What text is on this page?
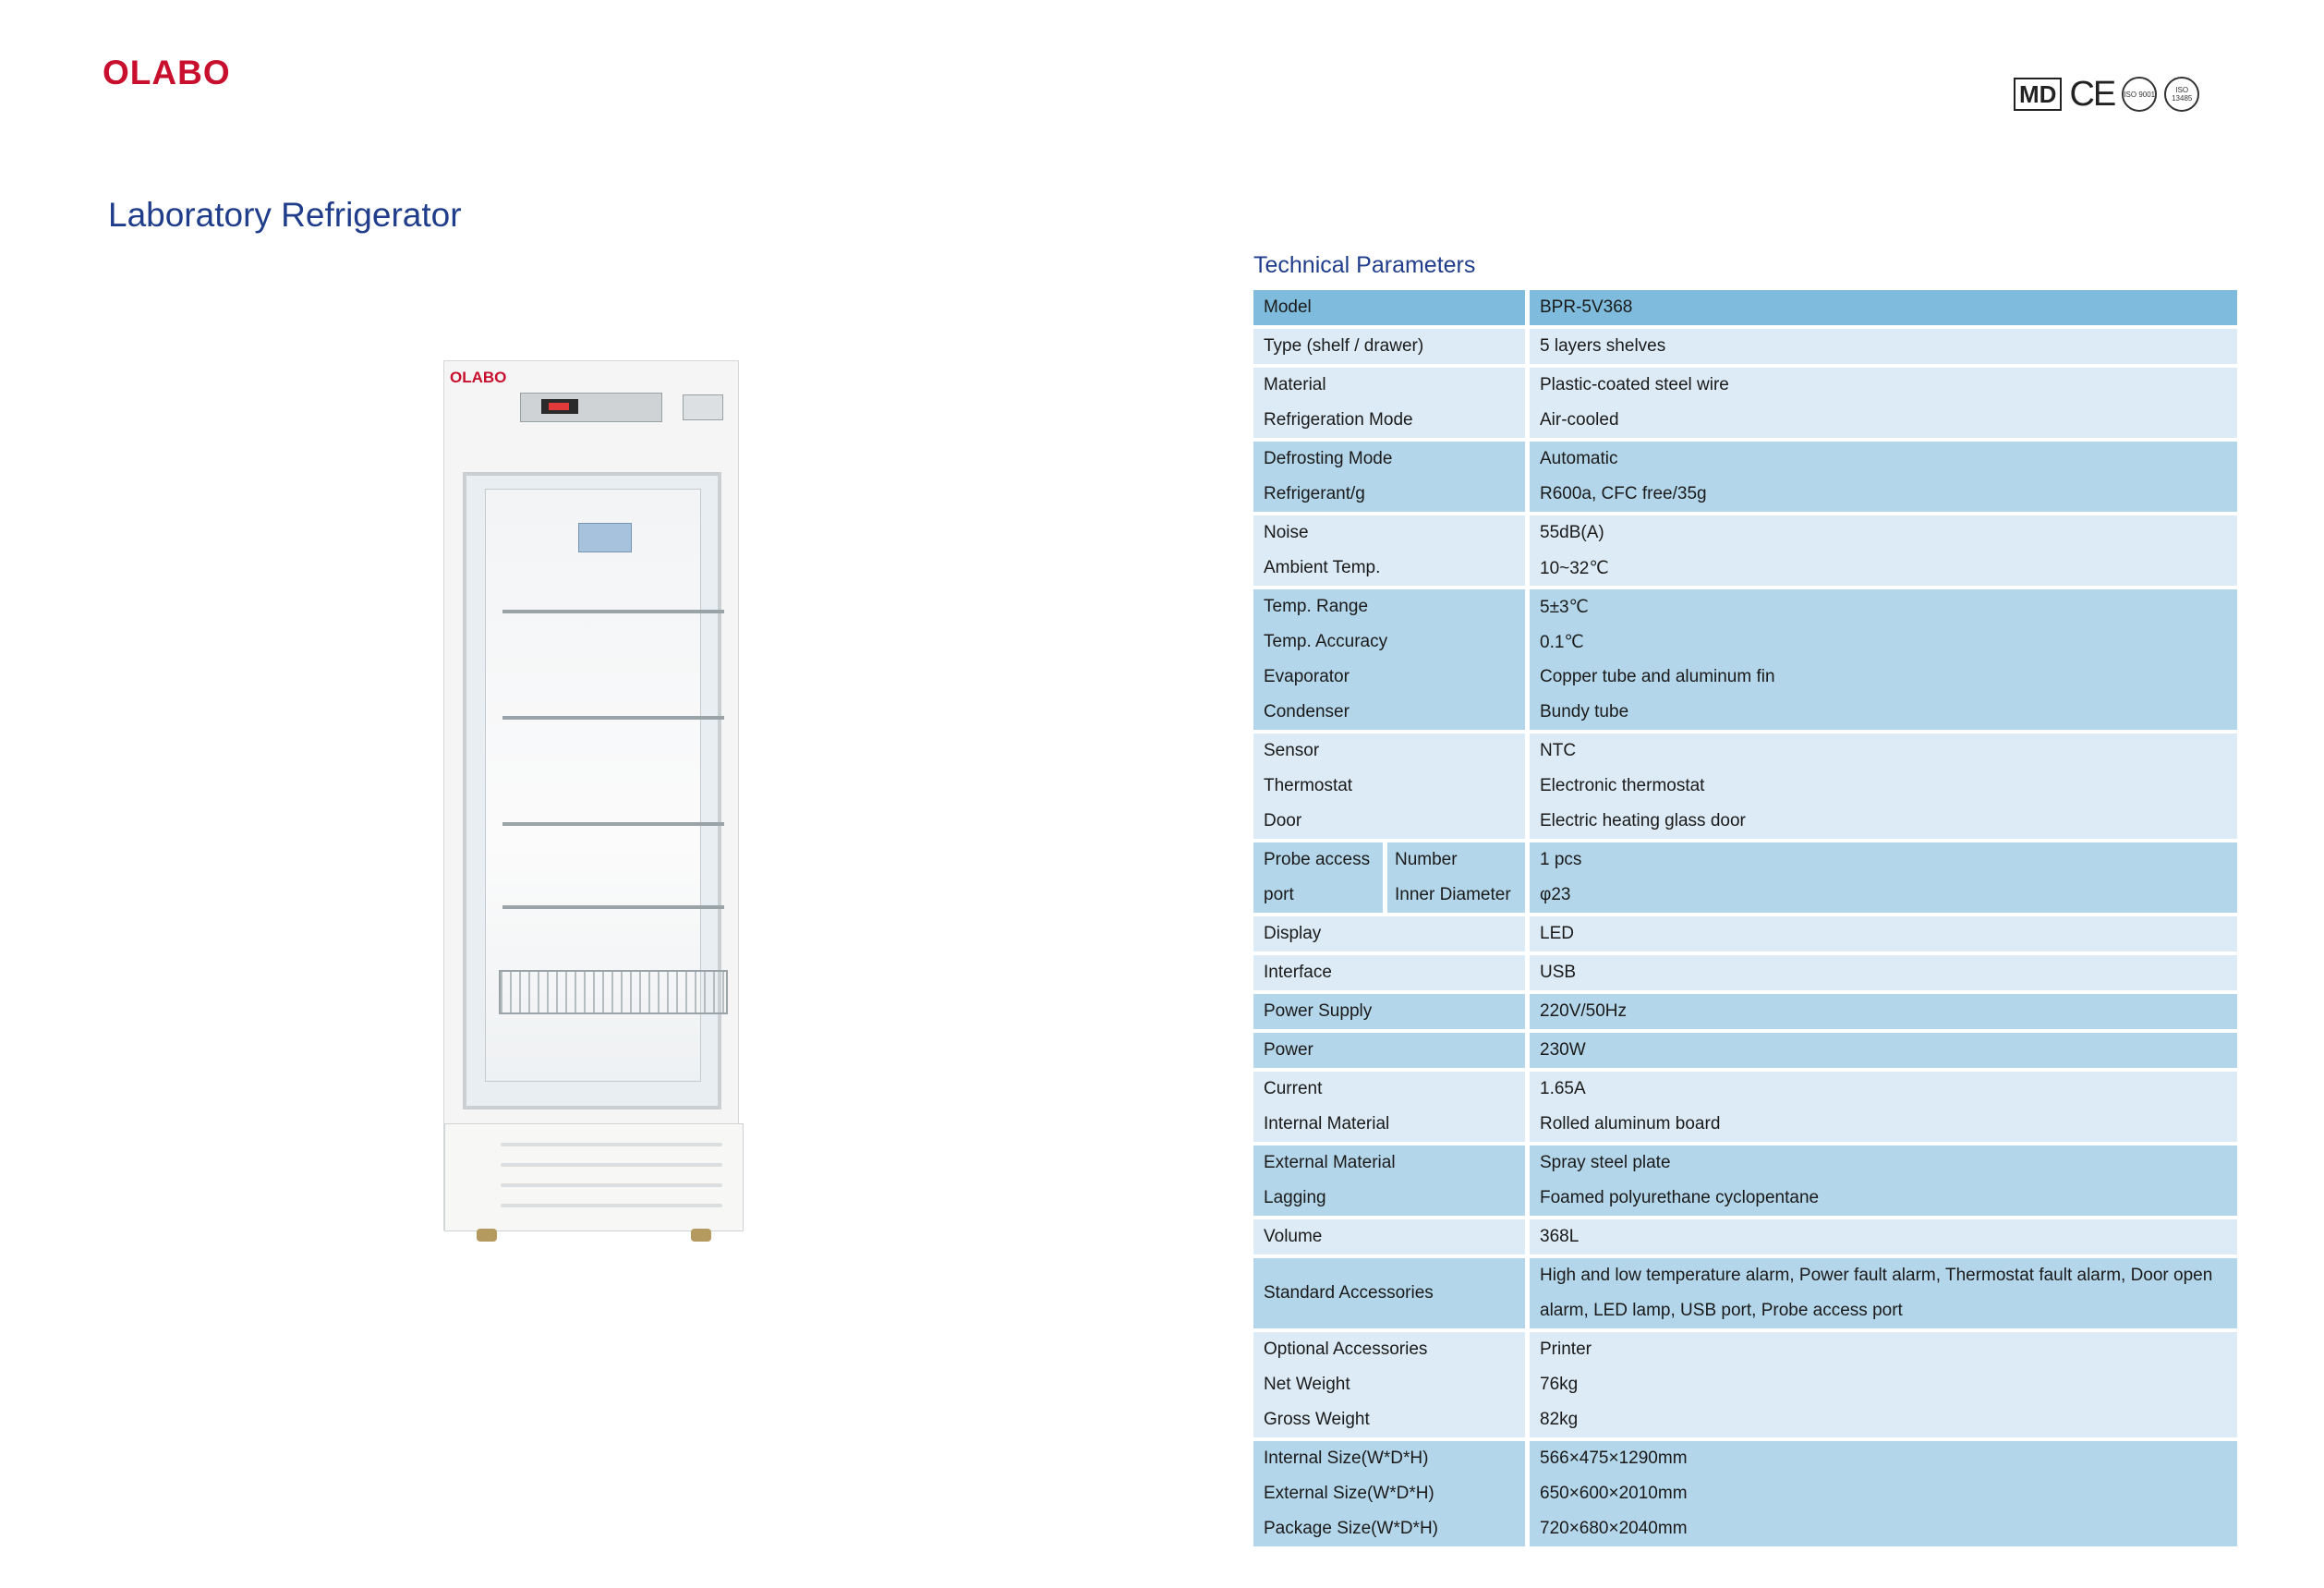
OLABO
MD CE ISO 9001	ISO 13485
Laboratory Refrigerator
Technical Parameters
OLABO
Model		BPR-5V368
Type (shelf / drawer)		5 layers shelves
Material		Plastic-coated steel wire
Refrigeration Mode		Air-cooled
Defrosting Mode		Automatic
Refrigerant/g		R600a, CFC free/35g
Noise		55dB(A)
Ambient Temp.		10~32℃
Temp. Range		5±3℃
Temp. Accuracy		0.1℃
Evaporator		Copper tube and aluminum fin
Condenser		Bundy tube
Sensor		NTC
Thermostat		Electronic thermostat
Door		Electric heating glass door
Probe access	Number	1 pcs
port	Inner Diameter	φ23
Display		LED
Interface		USB
Power Supply		220V/50Hz
Power		230W
Current		1.65A
Internal Material		Rolled aluminum board
External Material		Spray steel plate
Lagging		Foamed polyurethane cyclopentane
Volume		368L
Standard Accessories		High and low temperature alarm, Power fault alarm, Thermostat fault alarm, Door open alarm, LED lamp, USB port, Probe access port
Optional Accessories		Printer
Net Weight		76kg
Gross Weight		82kg
Internal Size(W*D*H)		566×475×1290mm
External Size(W*D*H)		650×600×2010mm
Package Size(W*D*H)		720×680×2040mm
